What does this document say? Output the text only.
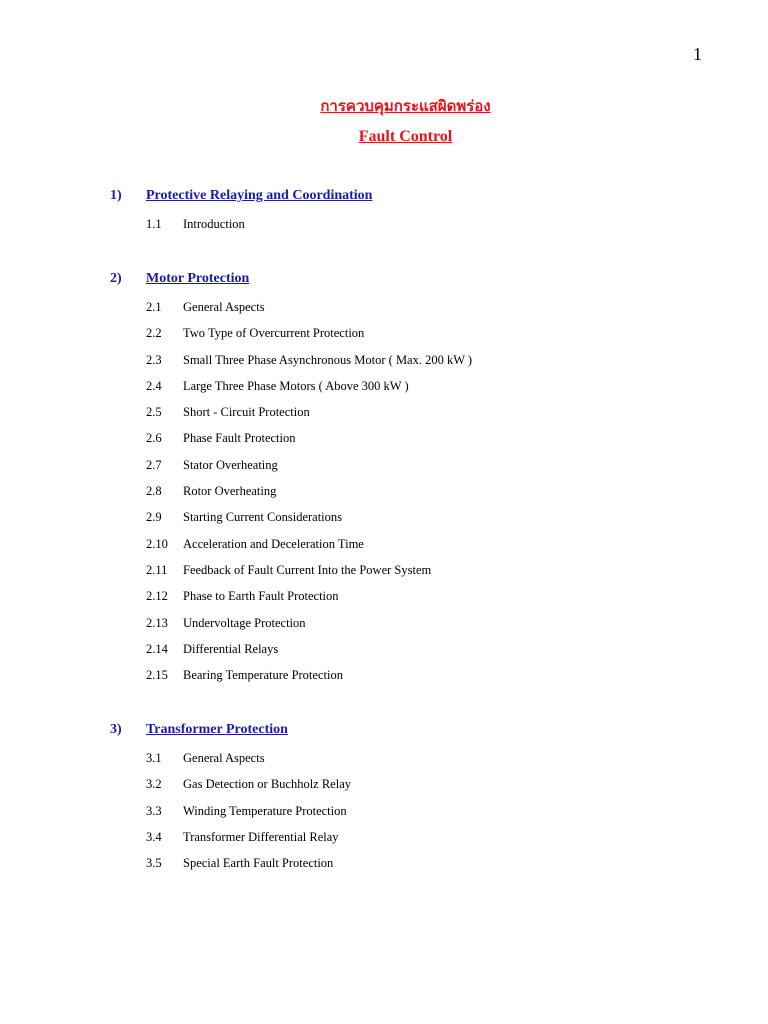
1
การควบคุมกระแสผิดพร่อง
Fault Control
1) Protective Relaying and Coordination
1.1 Introduction
2) Motor Protection
2.1 General Aspects
2.2 Two Type of Overcurrent Protection
2.3 Small Three Phase Asynchronous Motor ( Max. 200 kW )
2.4 Large Three Phase Motors ( Above 300 kW )
2.5 Short - Circuit Protection
2.6 Phase Fault Protection
2.7 Stator Overheating
2.8 Rotor Overheating
2.9 Starting Current Considerations
2.10 Acceleration and Deceleration Time
2.11 Feedback of Fault Current Into the Power System
2.12 Phase to Earth Fault Protection
2.13 Undervoltage Protection
2.14 Differential Relays
2.15 Bearing Temperature Protection
3) Transformer Protection
3.1 General Aspects
3.2 Gas Detection or Buchholz Relay
3.3 Winding Temperature Protection
3.4 Transformer Differential Relay
3.5 Special Earth Fault Protection
